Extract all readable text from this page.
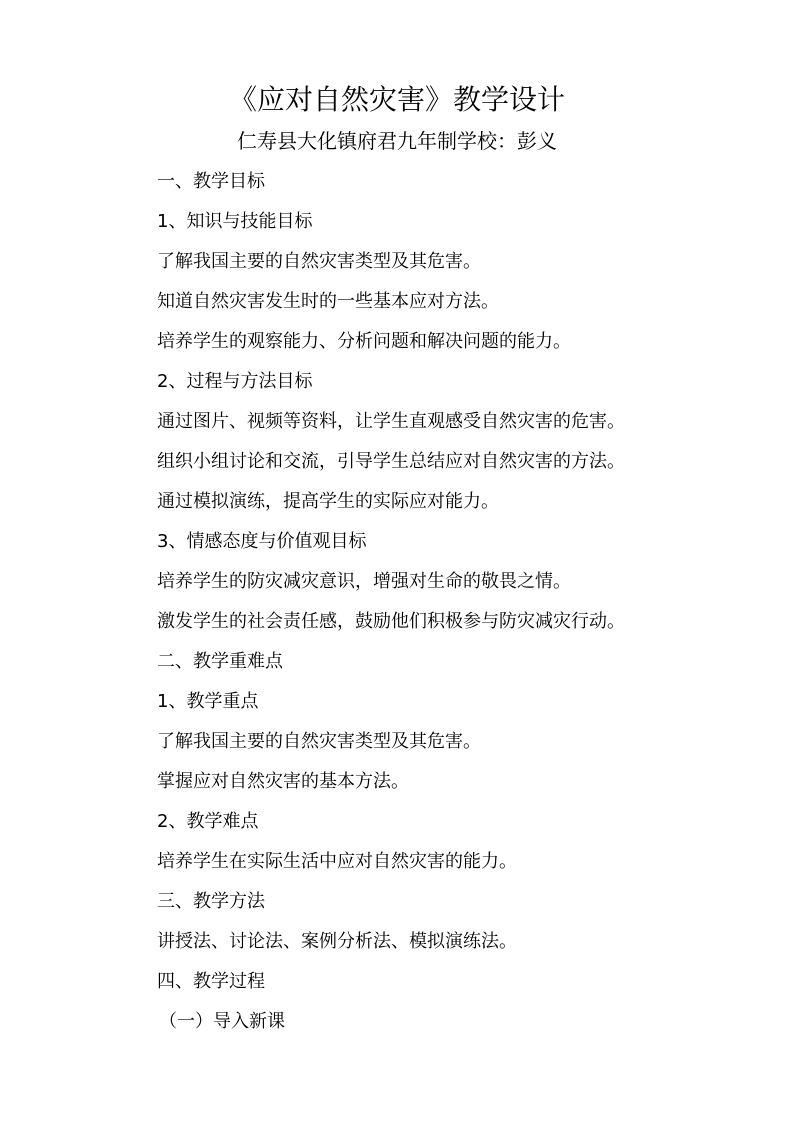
《应对自然灾害》教学设计
仁寿县大化镇府君九年制学校：彭义
一、教学目标
1、知识与技能目标
了解我国主要的自然灾害类型及其危害。
知道自然灾害发生时的一些基本应对方法。
培养学生的观察能力、分析问题和解决问题的能力。
2、过程与方法目标
通过图片、视频等资料，让学生直观感受自然灾害的危害。
组织小组讨论和交流，引导学生总结应对自然灾害的方法。
通过模拟演练，提高学生的实际应对能力。
3、情感态度与价值观目标
培养学生的防灾减灾意识，增强对生命的敬畏之情。
激发学生的社会责任感，鼓励他们积极参与防灾减灾行动。
二、教学重难点
1、教学重点
了解我国主要的自然灾害类型及其危害。
掌握应对自然灾害的基本方法。
2、教学难点
培养学生在实际生活中应对自然灾害的能力。
三、教学方法
讲授法、讨论法、案例分析法、模拟演练法。
四、教学过程
（一）导入新课
